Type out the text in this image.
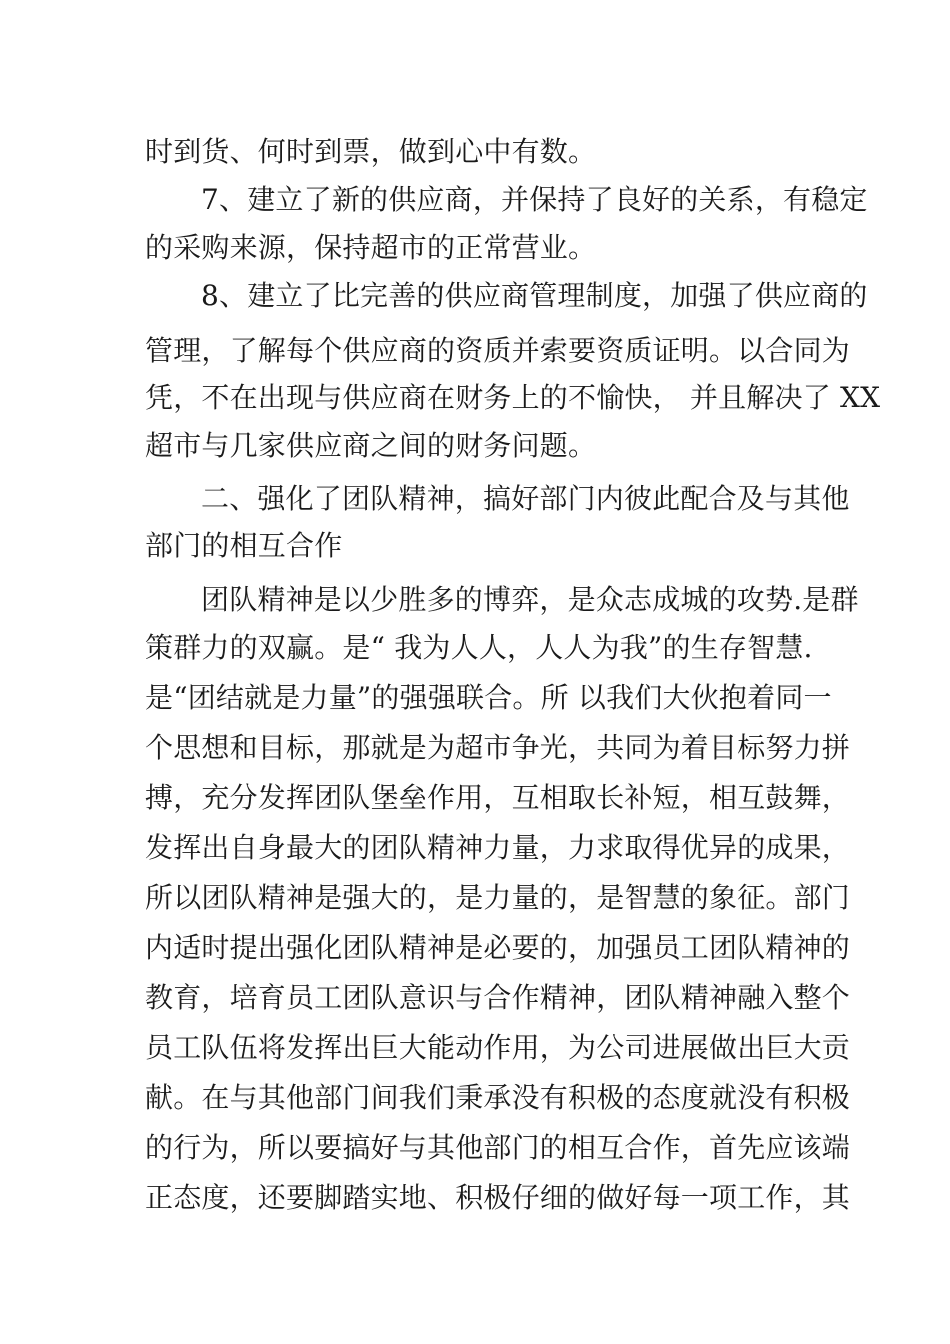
时到货、何时到票，做到心中有数。
7、建立了新的供应商，并保持了良好的关系，有稳定
的采购来源，保持超市的正常营业。
8、建立了比完善的供应商管理制度，加强了供应商的
管理，了解每个供应商的资质并索要资质证明。以合同为
凭，不在出现与供应商在财务上的不愉快， 并且解决了 XX
超市与几家供应商之间的财务问题。
二、强化了团队精神，搞好部门内彼此配合及与其他
部门的相互合作
团队精神是以少胜多的博弈，是众志成城的攻势.是群
策群力的双赢。是“ 我为人人，人人为我”的生存智慧.
是“团结就是力量”的强强联合。所 以我们大伙抱着同一
个思想和目标，那就是为超市争光，共同为着目标努力拼
搏，充分发挥团队堡垒作用，互相取长补短，相互鼓舞，
发挥出自身最大的团队精神力量，力求取得优异的成果，
所以团队精神是强大的，是力量的，是智慧的象征。部门
内适时提出强化团队精神是必要的，加强员工团队精神的
教育，培育员工团队意识与合作精神，团队精神融入整个
员工队伍将发挥出巨大能动作用，为公司进展做出巨大贡
献。在与其他部门间我们秉承没有积极的态度就没有积极
的行为，所以要搞好与其他部门的相互合作，首先应该端
正态度，还要脚踏实地、积极仔细的做好每一项工作，其
